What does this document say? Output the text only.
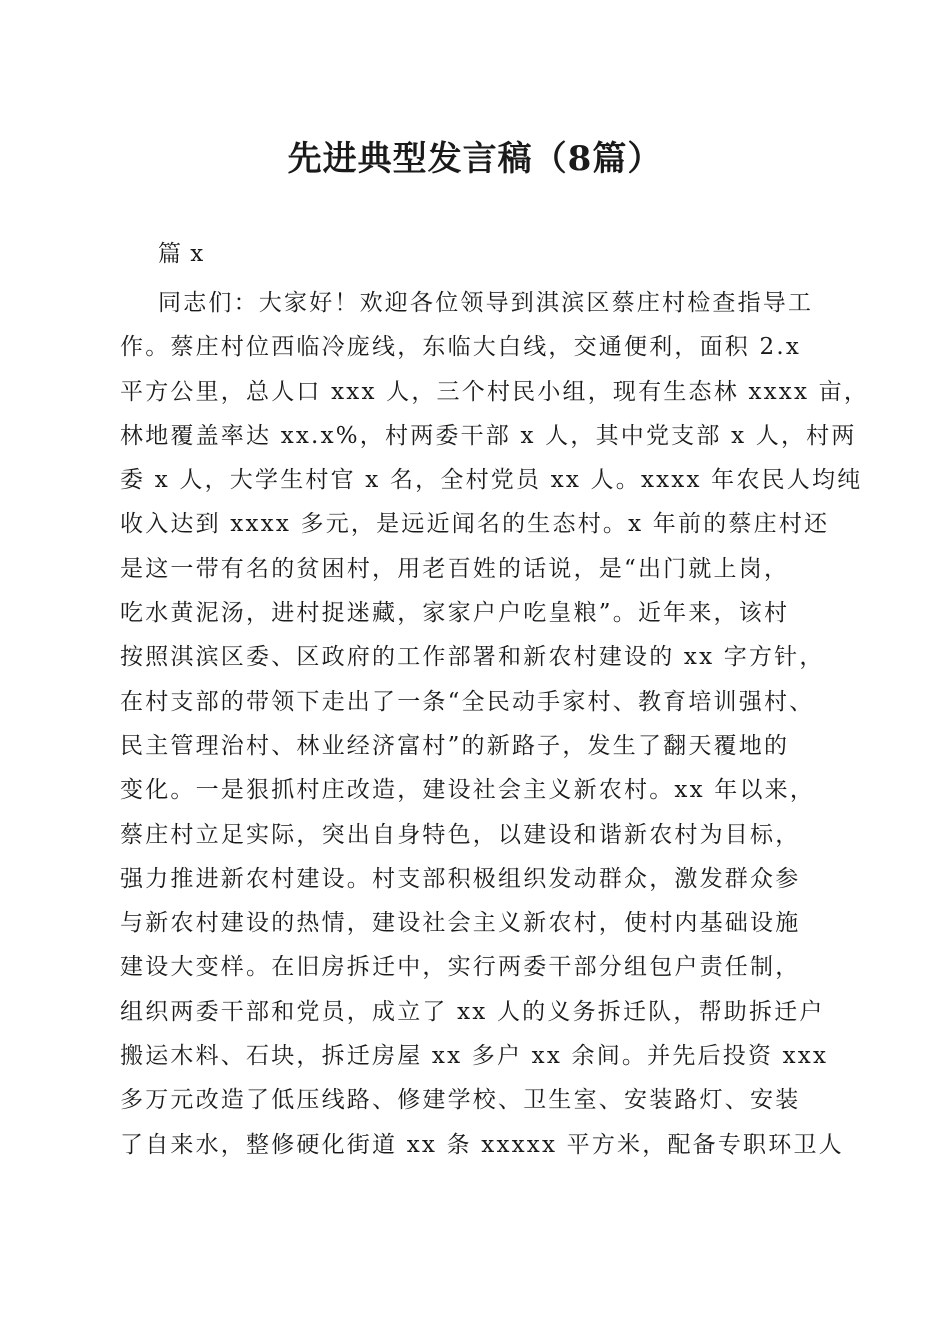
先进典型发言稿（8篇）
篇 x
同志们：大家好！欢迎各位领导到淇滨区蔡庄村检查指导工
作。蔡庄村位西临冷庞线，东临大白线，交通便利，面积 2.x
平方公里，总人口 xxx 人，三个村民小组，现有生态林 xxxx 亩，
林地覆盖率达 xx.x%，村两委干部 x 人，其中党支部 x 人，村两
委 x 人，大学生村官 x 名，全村党员 xx 人。xxxx 年农民人均纯
收入达到 xxxx 多元，是远近闻名的生态村。x 年前的蔡庄村还
是这一带有名的贫困村，用老百姓的话说，是“出门就上岗，
吃水黄泥汤，进村捉迷藏，家家户户吃皇粮”。近年来，该村
按照淇滨区委、区政府的工作部署和新农村建设的 xx 字方针，
在村支部的带领下走出了一条“全民动手家村、教育培训强村、
民主管理治村、林业经济富村”的新路子，发生了翻天覆地的
变化。一是狠抓村庄改造，建设社会主义新农村。xx 年以来，
蔡庄村立足实际，突出自身特色，以建设和谐新农村为目标，
强力推进新农村建设。村支部积极组织发动群众，激发群众参
与新农村建设的热情，建设社会主义新农村，使村内基础设施
建设大变样。在旧房拆迁中，实行两委干部分组包户责任制，
组织两委干部和党员，成立了 xx 人的义务拆迁队，帮助拆迁户
搬运木料、石块，拆迁房屋 xx 多户 xx 余间。并先后投资 xxx
多万元改造了低压线路、修建学校、卫生室、安装路灯、安装
了自来水，整修硬化街道 xx 条 xxxxx 平方米，配备专职环卫人
